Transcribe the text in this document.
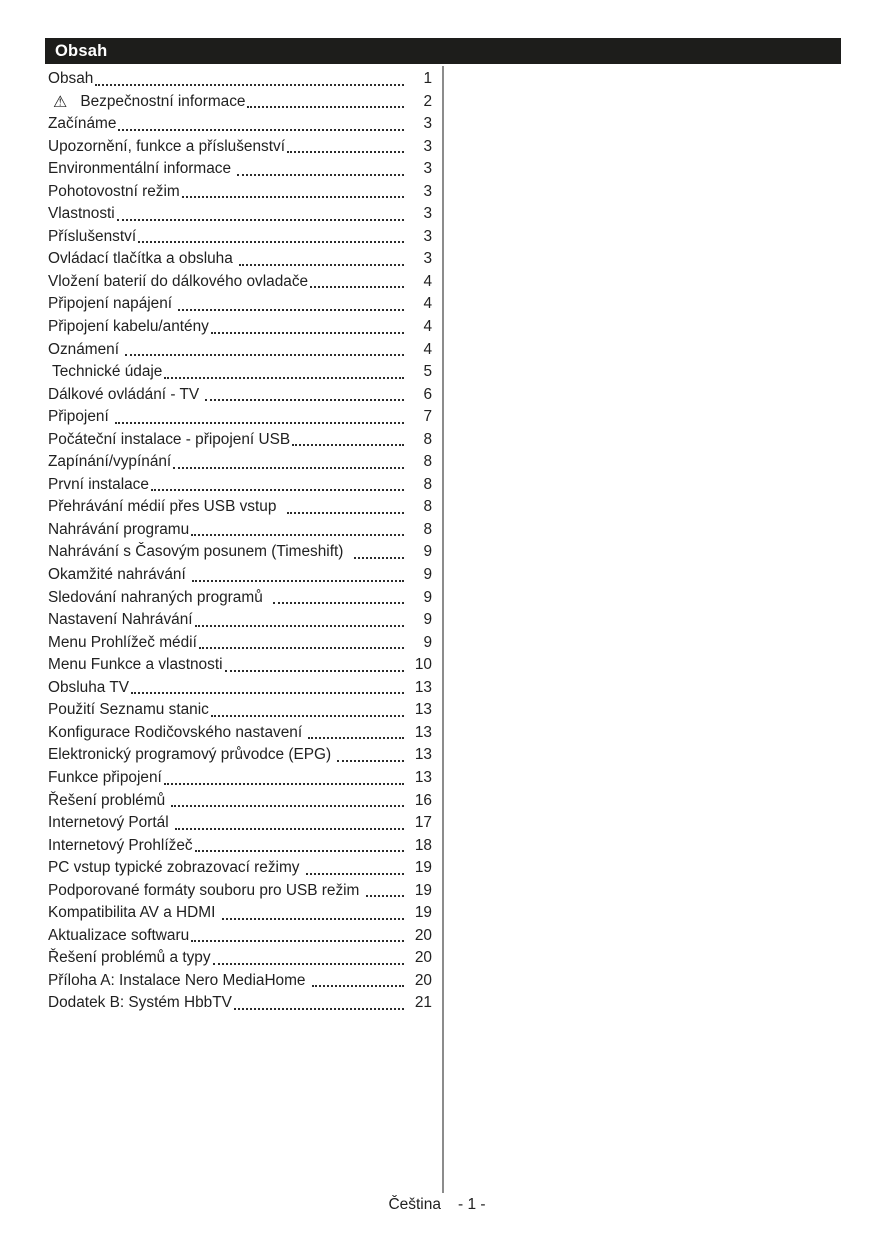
Obsah
Obsah	1
⚠ Bezpečnostní informace	2
Začínáme	3
Upozornění, funkce a příslušenství	3
Environmentální informace	3
Pohotovostní režim	3
Vlastnosti	3
Příslušenství	3
Ovládací tlačítka a obsluha	3
Vložení baterií do dálkového ovladače	4
Připojení napájení	4
Připojení kabelu/antény	4
Oznámení	4
Technické údaje	5
Dálkové ovládání - TV	6
Připojení	7
Počáteční instalace - připojení USB	8
Zapínání/vypínání	8
První instalace	8
Přehrávání médií přes USB vstup	8
Nahrávání programu	8
Nahrávání s Časovým posunem (Timeshift)	9
Okamžité nahrávání	9
Sledování nahraných programů	9
Nastavení Nahrávání	9
Menu Prohlížeč médií	9
Menu Funkce a vlastnosti	10
Obsluha TV	13
Použití Seznamu stanic	13
Konfigurace Rodičovského nastavení	13
Elektronický programový průvodce (EPG)	13
Funkce připojení	13
Řešení problémů	16
Internetový Portál	17
Internetový Prohlížeč	18
PC vstup typické zobrazovací režimy	19
Podporované formáty souboru pro USB režim	19
Kompatibilita AV a HDMI	19
Aktualizace softwaru	20
Řešení problémů a typy	20
Příloha A: Instalace Nero MediaHome	20
Dodatek B: Systém HbbTV	21
Čeština - 1 -
